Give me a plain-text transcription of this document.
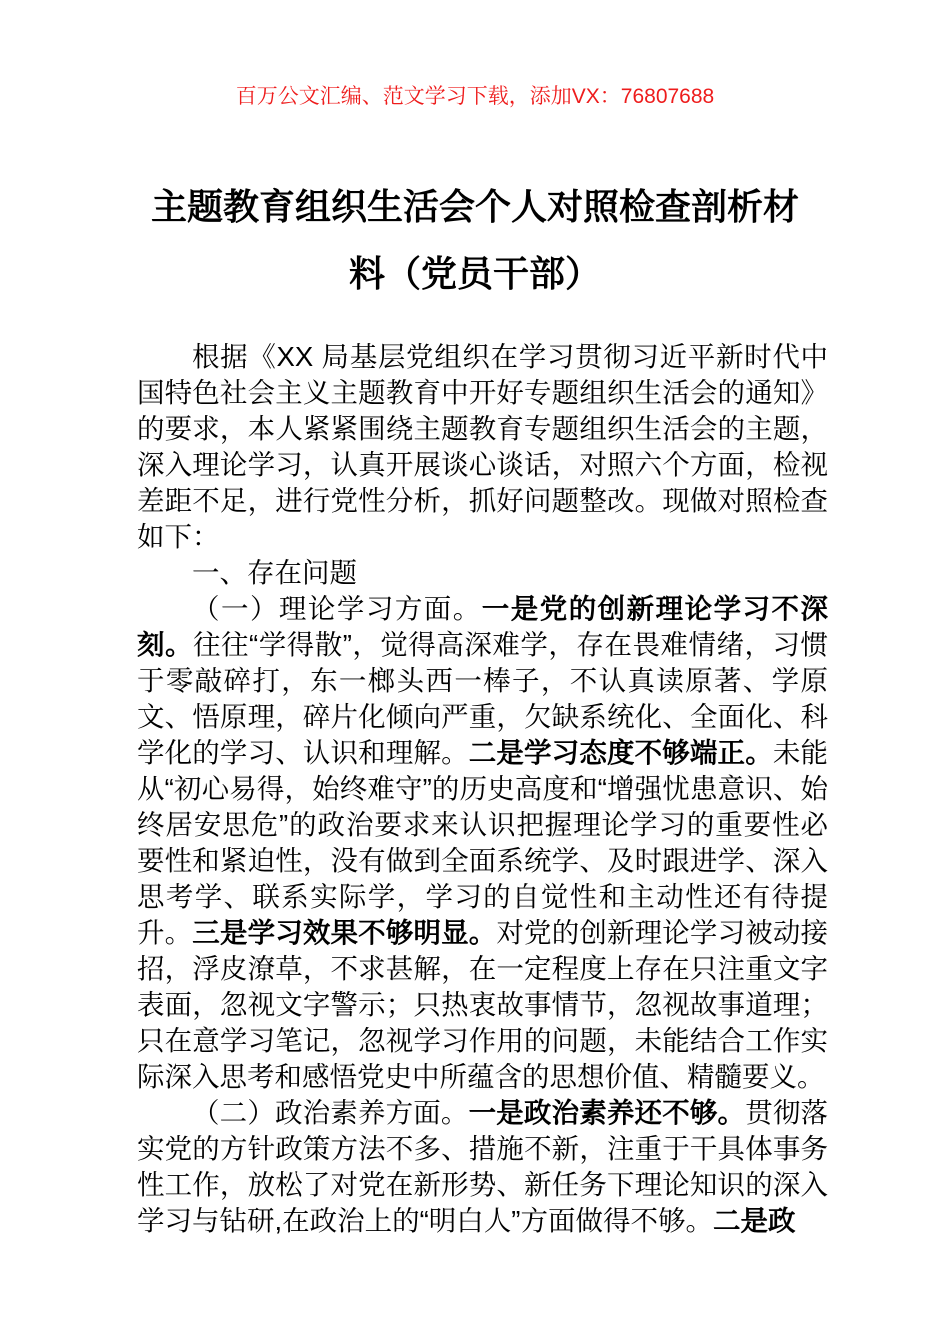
百万公文汇编、范文学习下载，添加VX：76807688
主题教育组织生活会个人对照检查剖析材料（党员干部）

根据《XX 局基层党组织在学习贯彻习近平新时代中国特色社会主义主题教育中开好专题组织生活会的通知》的要求，本人紧紧围绕主题教育专题组织生活会的主题，深入理论学习，认真开展谈心谈话，对照六个方面，检视差距不足，进行党性分析，抓好问题整改。现做对照检查如下：

一、存在问题

（一）理论学习方面。一是党的创新理论学习不深刻。往往“学得散”，觉得高深难学，存在畏难情绪，习惯于零敲碎打，东一榔头西一棒子，不认真读原著、学原文、悟原理，碎片化倾向严重，欠缺系统化、全面化、科学化的学习、认识和理解。二是学习态度不够端正。未能从“初心易得，始终难守”的历史高度和“增强忧患意识、始终居安思危”的政治要求来认识把握理论学习的重要性必要性和紧迫性，没有做到全面系统学、及时跟进学、深入思考学、联系实际学，学习的自觉性和主动性还有待提升。三是学习效果不够明显。对党的创新理论学习被动接招，浮皮潦草，不求甚解，在一定程度上存在只注重文字表面，忽视文字警示；只热衷故事情节，忽视故事道理；只在意学习笔记，忽视学习作用的问题，未能结合工作实际深入思考和感悟党史中所蕴含的思想价值、精髓要义。

（二）政治素养方面。一是政治素养还不够。贯彻落实党的方针政策方法不多、措施不新，注重于干具体事务性工作，放松了对党在新形势、新任务下理论知识的深入学习与钻研,在政治上的“明白人”方面做得不够。二是政
